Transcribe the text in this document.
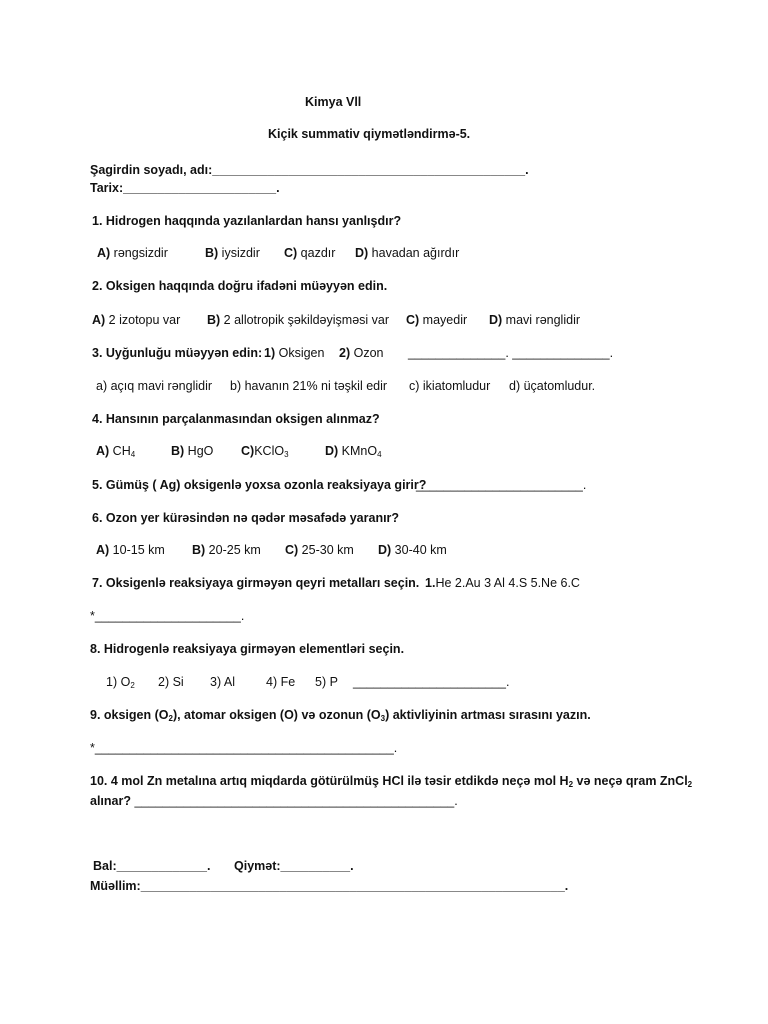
Kimya Vll
Kiçik summativ qiymətləndirmə-5.
Şagirdin soyadı, adı:_____________________________________________.
Tarix:______________________.
1. Hidrogen haqqında yazılanlardan hansı yanlışdır?
A) rəngsizdir	B) iysizdir C) qazdır D) havadan ağırdır
2. Oksigen haqqında doğru ifadəni müəyyən edin.
A) 2 izotopu var B) 2 allotropik şəkildəyişməsi var C) mayedir D) mavi rənglidir
3. Uyğunluğu müəyyən edin: 1) Oksigen 2) Ozon ______________. ______________.
a) açıq mavi rənglidir b) havanın 21% ni təşkil edir c) ikiatomludur d) üçatomludur.
4. Hansının parçalanmasından oksigen alınmaz?
A) $CH_4$	B) HgO C)KClO$_3$	D) KMnO$_4$
5. Gümüş ( Ag) oksigenlə yoxsa ozonla reaksiyaya girir?________________________.
6. Ozon yer kürəsindən nə qədər məsafədə yaranır?
A) 10-15 km B) 20-25 km C) 25-30 km D) 30-40 km
7. Oksigenlə reaksiyaya girməyən qeyri metalları seçin. 1.He 2.Au 3 Al 4.S 5.Ne 6.C
*_____________________.
8. Hidrogenlə reaksiyaya girməyən elementləri seçin.
1) $O_2$ 2) Si 3) Al 4) Fe 5) P ______________________.
9. oksigen $(O_2)$, atomar oksigen (O) və ozonun $(O_3)$ aktivliyinin artması sırasını yazın.
*___________________________________________.
10. 4 mol Zn metalına artıq miqdarda götürülmüş HCl ilə təsir etdikdə neçə mol $H_2$ və neçə qram ZnCl$_2$
alınar? ______________________________________________.
Bal:_____________. Qiymət:__________.
Müəllim:_____________________________________________________________.
